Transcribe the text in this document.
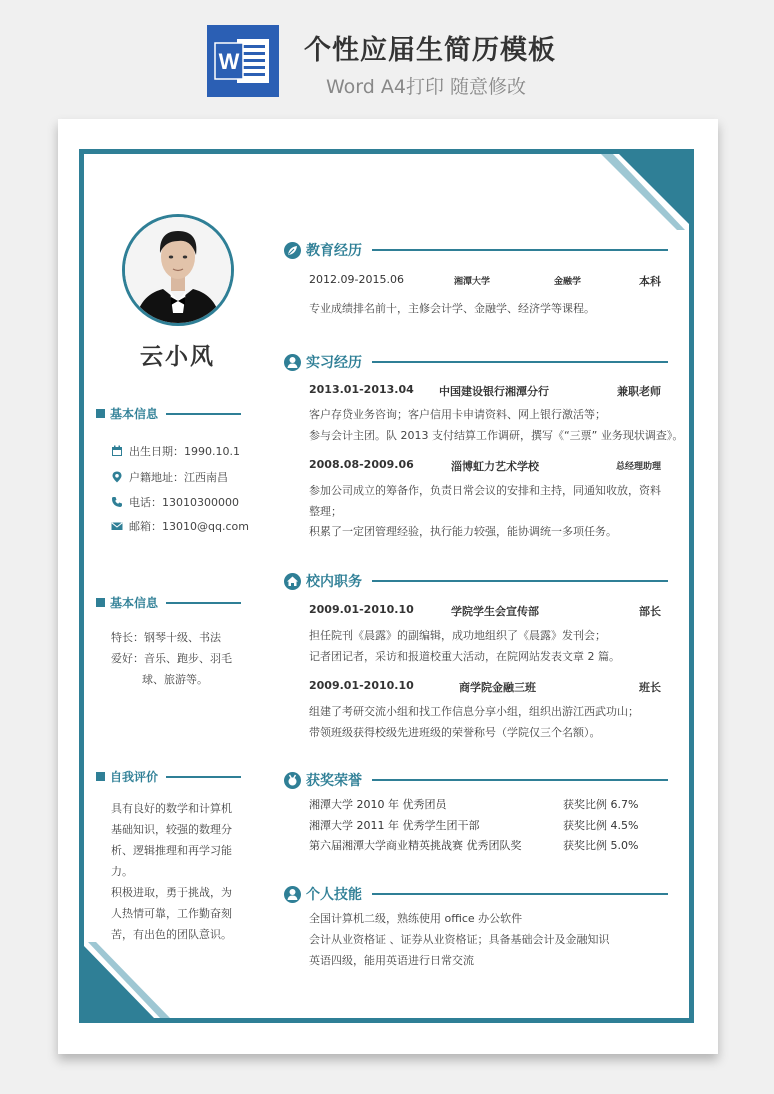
W 个性应届生简历模板
Word A4打印 随意修改
云小风
基本信息
出生日期：1990.10.1
户籍地址：江西南昌
电话：13010300000
邮箱：13010@qq.com
基本信息
特长：钢琴十级、书法
爱好：音乐、跑步、羽毛
球、旅游等。
自我评价
具有良好的数学和计算机
基础知识，较强的数理分
析、逻辑推理和再学习能
力。
积极进取，勇于挑战，为
人热情可靠，工作勤奋刻
苦，有出色的团队意识。
教育经历
2012.09-2015.06	湘潭大学	金融学	本科
专业成绩排名前十，主修会计学、金融学、经济学等课程。
实习经历
2013.01-2013.04 中国建设银行湘潭分行	兼职老师
客户存贷业务咨询；客户信用卡申请资料、网上银行激活等；
参与会计主团。队 2013 支付结算工作调研，撰写《“三票” 业务现状调查》。
2008.08-2009.06	淄博虹力艺术学校	总经理助理
参加公司成立的筹备作，负责日常会议的安排和主持，同通知收放，资料
整理；
积累了一定团管理经验，执行能力较强，能协调统一多项任务。
校内职务
2009.01-2010.10	学院学生会宣传部	部长
担任院刊《晨露》的副编辑，成功地组织了《晨露》发刊会；
记者团记者，采访和报道校重大活动，在院网站发表文章 2 篇。
2009.01-2010.10	商学院金融三班	班长
组建了考研交流小组和找工作信息分享小组，组织出游江西武功山；
带领班级获得校级先进班级的荣誉称号（学院仅三个名额）。
获奖荣誉
湘潭大学 2010 年 优秀团员	获奖比例 6.7%
湘潭大学 2011 年 优秀学生团干部	获奖比例 4.5%
第六届湘潭大学商业精英挑战赛 优秀团队奖	获奖比例 5.0%
个人技能
全国计算机二级，熟练使用 office 办公软件
会计从业资格证 、证券从业资格证；具备基础会计及金融知识
英语四级，能用英语进行日常交流
